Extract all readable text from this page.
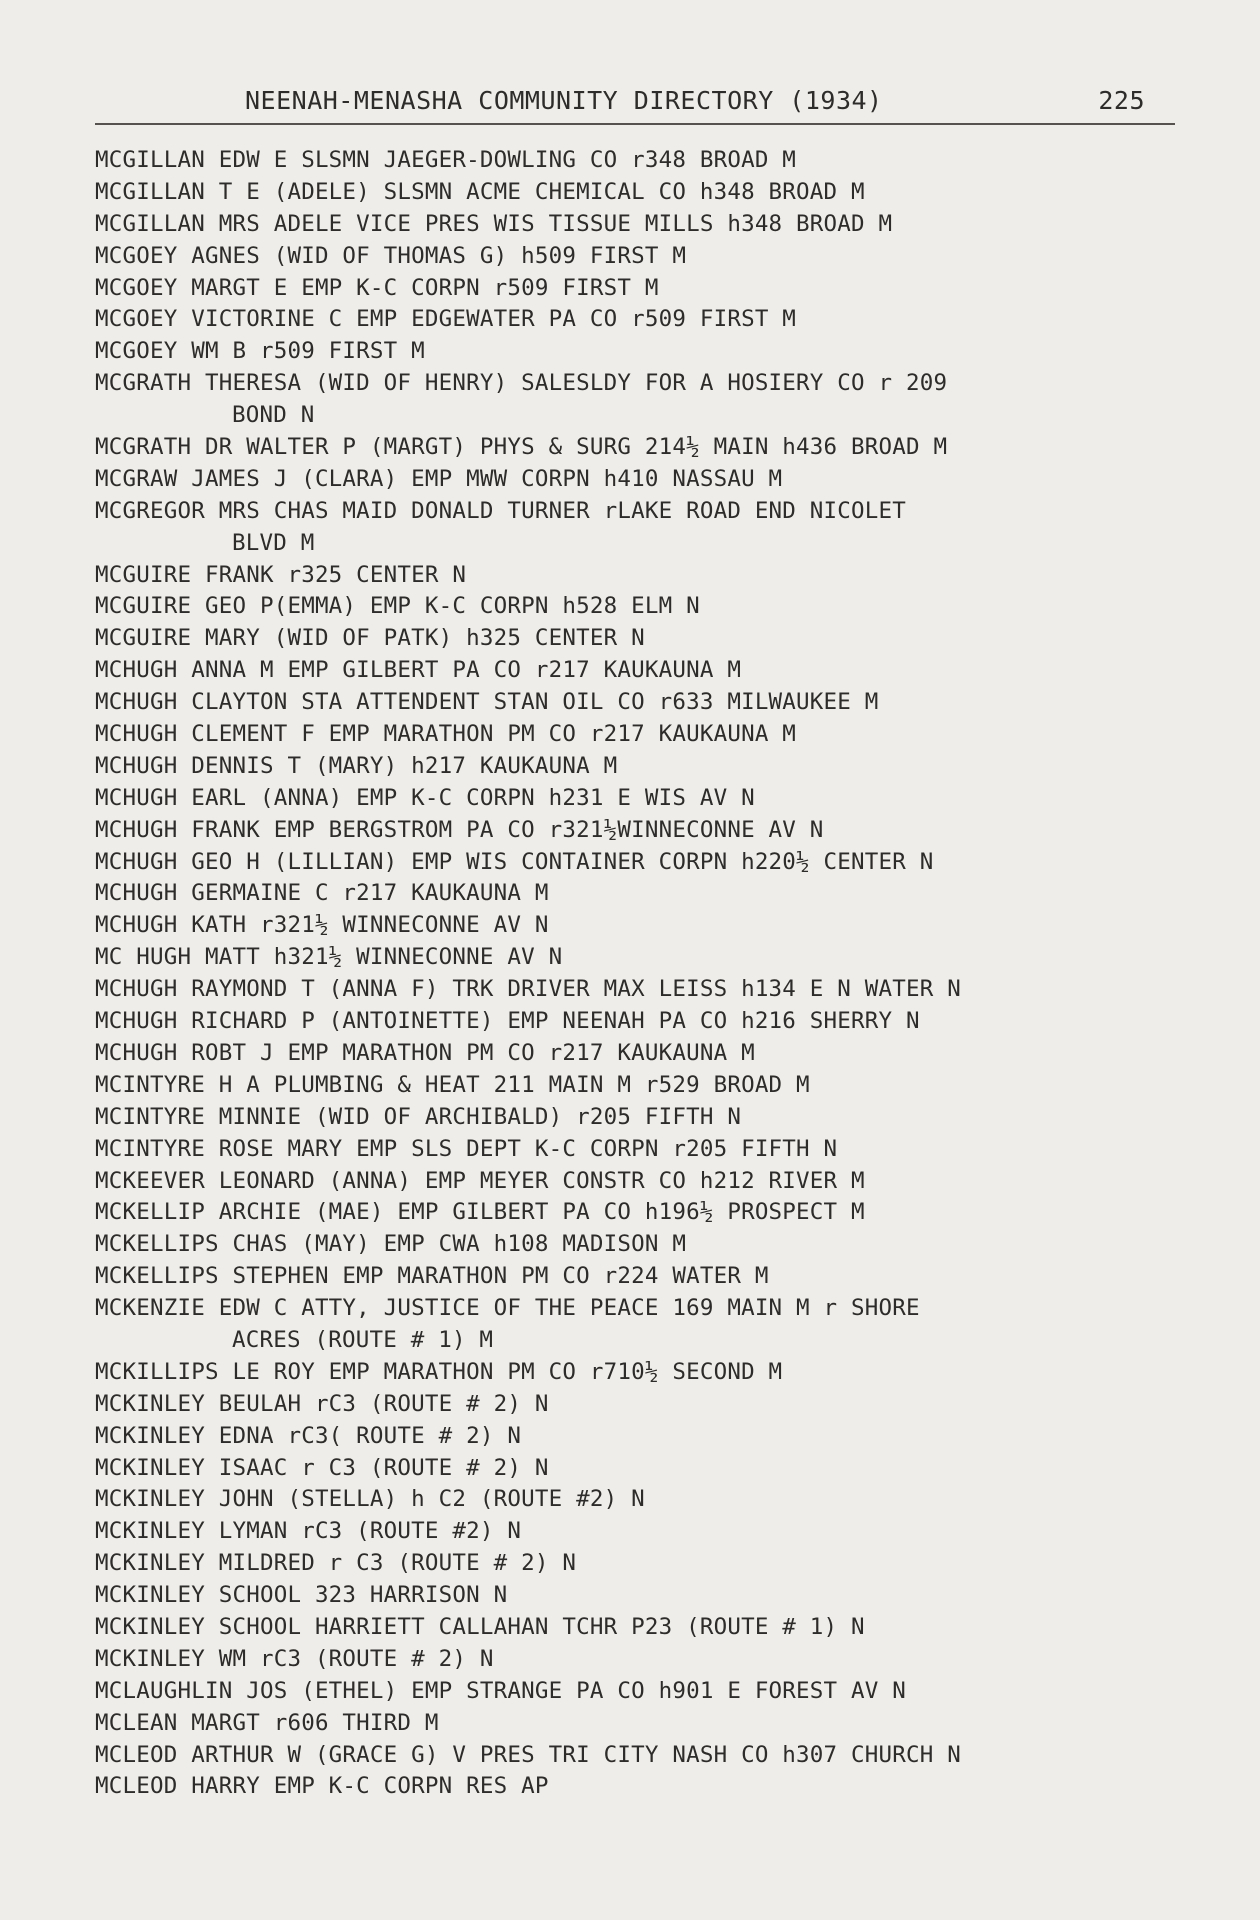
NEENAH-MENASHA COMMUNITY DIRECTORY (1934)	225
MCGILLAN EDW E SLSMN JAEGER-DOWLING CO r348 BROAD M
MCGILLAN T E (ADELE) SLSMN ACME CHEMICAL CO h348 BROAD M
MCGILLAN MRS ADELE VICE PRES WIS TISSUE MILLS h348 BROAD M
MCGOEY AGNES (WID OF THOMAS G) h509 FIRST M
MCGOEY MARGT E EMP K-C CORPN r509 FIRST M
MCGOEY VICTORINE C EMP EDGEWATER PA CO r509 FIRST M
MCGOEY WM B r509 FIRST M
MCGRATH THERESA (WID OF HENRY) SALESLDY FOR A HOSIERY CO r 209
BOND N
MCGRATH DR WALTER P (MARGT) PHYS & SURG 214½ MAIN h436 BROAD M
MCGRAW JAMES J (CLARA) EMP MWW CORPN h410 NASSAU M
MCGREGOR MRS CHAS MAID DONALD TURNER rLAKE ROAD END NICOLET
BLVD M
MCGUIRE FRANK r325 CENTER N
MCGUIRE GEO P(EMMA) EMP K-C CORPN h528 ELM N
MCGUIRE MARY (WID OF PATK) h325 CENTER N
MCHUGH ANNA M EMP GILBERT PA CO r217 KAUKAUNA M
MCHUGH CLAYTON STA ATTENDENT STAN OIL CO r633 MILWAUKEE M
MCHUGH CLEMENT F EMP MARATHON PM CO r217 KAUKAUNA M
MCHUGH DENNIS T (MARY) h217 KAUKAUNA M
MCHUGH EARL (ANNA) EMP K-C CORPN h231 E WIS AV N
MCHUGH FRANK EMP BERGSTROM PA CO r321½WINNECONNE AV N
MCHUGH GEO H (LILLIAN) EMP WIS CONTAINER CORPN h220½ CENTER N
MCHUGH GERMAINE C r217 KAUKAUNA M
MCHUGH KATH r321½ WINNECONNE AV N
MC HUGH MATT h321½ WINNECONNE AV N
MCHUGH RAYMOND T (ANNA F) TRK DRIVER MAX LEISS h134 E N WATER N
MCHUGH RICHARD P (ANTOINETTE) EMP NEENAH PA CO h216 SHERRY N
MCHUGH ROBT J EMP MARATHON PM CO r217 KAUKAUNA M
MCINTYRE H A PLUMBING & HEAT 211 MAIN M r529 BROAD M
MCINTYRE MINNIE (WID OF ARCHIBALD) r205 FIFTH N
MCINTYRE ROSE MARY EMP SLS DEPT K-C CORPN r205 FIFTH N
MCKEEVER LEONARD (ANNA) EMP MEYER CONSTR CO h212 RIVER M
MCKELLIP ARCHIE (MAE) EMP GILBERT PA CO h196½ PROSPECT M
MCKELLIPS CHAS (MAY) EMP CWA h108 MADISON M
MCKELLIPS STEPHEN EMP MARATHON PM CO r224 WATER M
MCKENZIE EDW C ATTY, JUSTICE OF THE PEACE 169 MAIN M r SHORE
ACRES (ROUTE # 1) M
MCKILLIPS LE ROY EMP MARATHON PM CO r710½ SECOND M
MCKINLEY BEULAH rC3 (ROUTE # 2) N
MCKINLEY EDNA rC3( ROUTE # 2) N
MCKINLEY ISAAC r C3 (ROUTE # 2) N
MCKINLEY JOHN (STELLA) h C2 (ROUTE #2) N
MCKINLEY LYMAN rC3 (ROUTE #2) N
MCKINLEY MILDRED r C3 (ROUTE # 2) N
MCKINLEY SCHOOL 323 HARRISON N
MCKINLEY SCHOOL HARRIETT CALLAHAN TCHR P23 (ROUTE # 1) N
MCKINLEY WM rC3 (ROUTE # 2) N
MCLAUGHLIN JOS (ETHEL) EMP STRANGE PA CO h901 E FOREST AV N
MCLEAN MARGT r606 THIRD M
MCLEOD ARTHUR W (GRACE G) V PRES TRI CITY NASH CO h307 CHURCH N
MCLEOD HARRY EMP K-C CORPN RES AP
